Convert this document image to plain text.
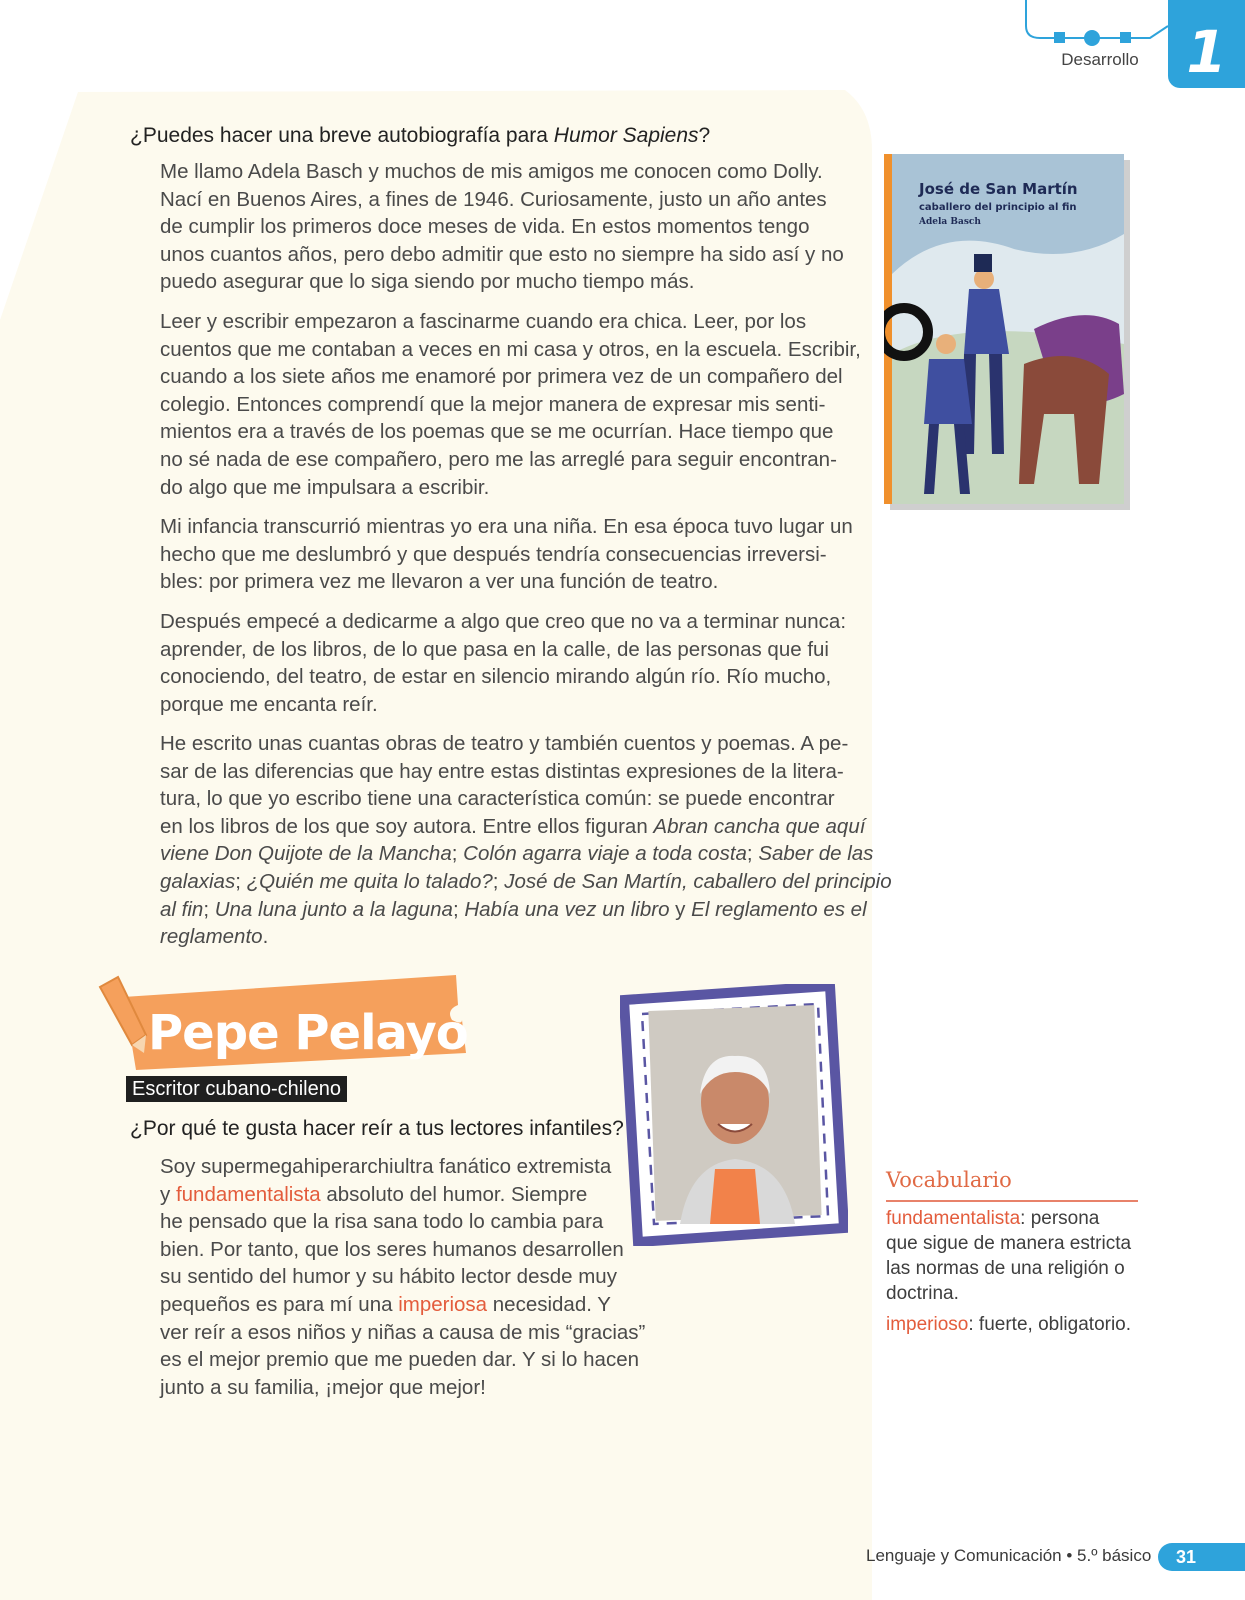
1
Desarrollo
¿Puedes hacer una breve autobiografía para Humor Sapiens?
Me llamo Adela Basch y muchos de mis amigos me conocen como Dolly.
Nací en Buenos Aires, a fines de 1946. Curiosamente, justo un año antes
de cumplir los primeros doce meses de vida. En estos momentos tengo
unos cuantos años, pero debo admitir que esto no siempre ha sido así y no
puedo asegurar que lo siga siendo por mucho tiempo más.
Leer y escribir empezaron a fascinarme cuando era chica. Leer, por los
cuentos que me contaban a veces en mi casa y otros, en la escuela. Escribir,
cuando a los siete años me enamoré por primera vez de un compañero del
colegio. Entonces comprendí que la mejor manera de expresar mis senti-
mientos era a través de los poemas que se me ocurrían. Hace tiempo que
no sé nada de ese compañero, pero me las arreglé para seguir encontran-
do algo que me impulsara a escribir.
Mi infancia transcurrió mientras yo era una niña. En esa época tuvo lugar un
hecho que me deslumbró y que después tendría consecuencias irreversi-
bles: por primera vez me llevaron a ver una función de teatro.
Después empecé a dedicarme a algo que creo que no va a terminar nunca:
aprender, de los libros, de lo que pasa en la calle, de las personas que fui
conociendo, del teatro, de estar en silencio mirando algún río. Río mucho,
porque me encanta reír.
He escrito unas cuantas obras de teatro y también cuentos y poemas. A pe-
sar de las diferencias que hay entre estas distintas expresiones de la litera-
tura, lo que yo escribo tiene una característica común: se puede encontrar
en los libros de los que soy autora. Entre ellos figuran Abran cancha que aquí
viene Don Quijote de la Mancha; Colón agarra viaje a toda costa; Saber de las
galaxias; ¿Quién me quita lo talado?; José de San Martín, caballero del principio
al fin; Una luna junto a la laguna; Había una vez un libro y El reglamento es el
reglamento.
José de San Martín
caballero del principio al fin
Adela Basch
Pepe Pelayo
Escritor cubano-chileno
¿Por qué te gusta hacer reír a tus lectores infantiles?
Soy supermegahiperarchiultra fanático extremista
y fundamentalista absoluto del humor. Siempre
he pensado que la risa sana todo lo cambia para
bien. Por tanto, que los seres humanos desarrollen
su sentido del humor y su hábito lector desde muy
pequeños es para mí una imperiosa necesidad. Y
ver reír a esos niños y niñas a causa de mis “gracias”
es el mejor premio que me pueden dar. Y si lo hacen
junto a su familia, ¡mejor que mejor!
Vocabulario
fundamentalista: persona
que sigue de manera estricta
las normas de una religión o
doctrina.
imperioso: fuerte, obligatorio.
Lenguaje y Comunicación • 5.º básico	31
